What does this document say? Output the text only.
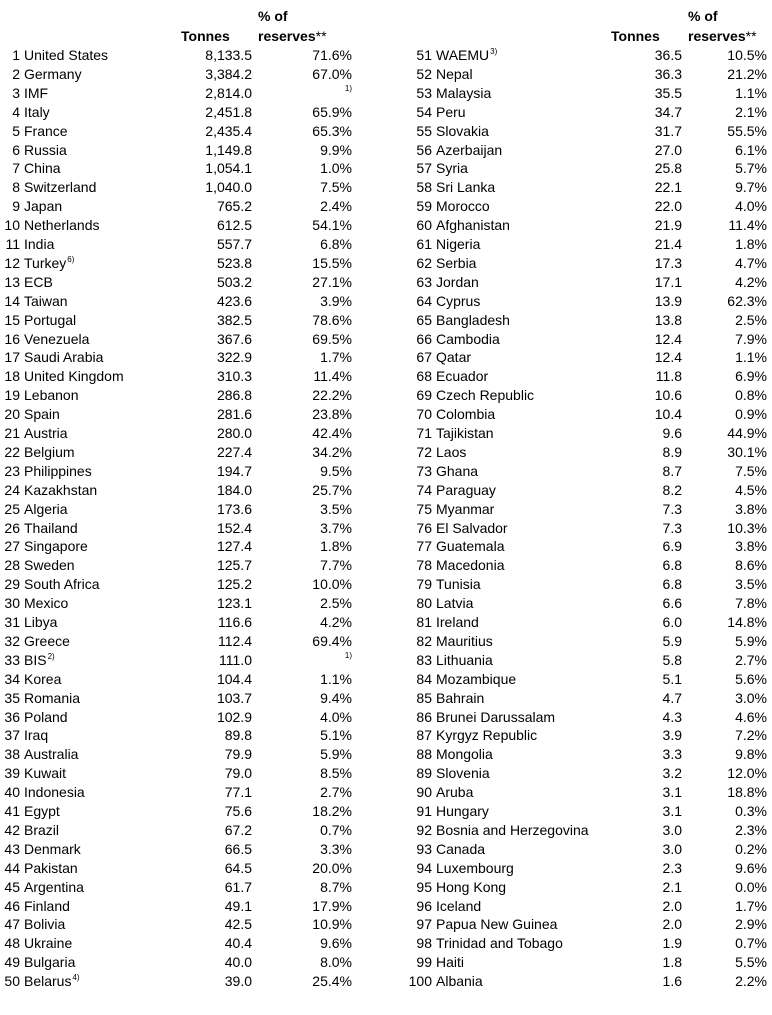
Tonnes
% of
reserves**	Tonnes
% of
reserves**
1 United States	8,133.5	71.6%
2 Germany	3,384.2	67.0%
3 IMF	2,814.0	$^{1)}$
4 Italy	2,451.8	65.9%
5 France	2,435.4	65.3%
6 Russia	1,149.8	9.9%
7 China	1,054.1	1.0%
8 Switzerland	1,040.0	7.5%
9 Japan	765.2	2.4%
10 Netherlands	612.5	54.1%
11 India	557.7	6.8%
12 Turkey$^{6)}$	523.8	15.5%
13 ECB	503.2	27.1%
14 Taiwan	423.6	3.9%
15 Portugal	382.5	78.6%
16 Venezuela	367.6	69.5%
17 Saudi Arabia	322.9	1.7%
18 United Kingdom	310.3	11.4%
19 Lebanon	286.8	22.2%
20 Spain	281.6	23.8%
21 Austria	280.0	42.4%
22 Belgium	227.4	34.2%
23 Philippines	194.7	9.5%
24 Kazakhstan	184.0	25.7%
25 Algeria	173.6	3.5%
26 Thailand	152.4	3.7%
27 Singapore	127.4	1.8%
28 Sweden	125.7	7.7%
29 South Africa	125.2	10.0%
30 Mexico	123.1	2.5%
31 Libya	116.6	4.2%
32 Greece	112.4	69.4%
33 BIS$^{2)}$	111.0	$^{1)}$
34 Korea	104.4	1.1%
35 Romania	103.7	9.4%
36 Poland	102.9	4.0%
37 Iraq	89.8	5.1%
38 Australia	79.9	5.9%
39 Kuwait	79.0	8.5%
40 Indonesia	77.1	2.7%
41 Egypt	75.6	18.2%
42 Brazil	67.2	0.7%
43 Denmark	66.5	3.3%
44 Pakistan	64.5	20.0%
45 Argentina	61.7	8.7%
46 Finland	49.1	17.9%
47 Bolivia	42.5	10.9%
48 Ukraine	40.4	9.6%
49 Bulgaria	40.0	8.0%
50 Belarus$^{4)}$	39.0	25.4%
51 WAEMU$^{3)}$	36.5	10.5%
52 Nepal	36.3	21.2%
53 Malaysia	35.5	1.1%
54 Peru	34.7	2.1%
55 Slovakia	31.7	55.5%
56 Azerbaijan	27.0	6.1%
57 Syria	25.8	5.7%
58 Sri Lanka	22.1	9.7%
59 Morocco	22.0	4.0%
60 Afghanistan	21.9	11.4%
61 Nigeria	21.4	1.8%
62 Serbia	17.3	4.7%
63 Jordan	17.1	4.2%
64 Cyprus	13.9	62.3%
65 Bangladesh	13.8	2.5%
66 Cambodia	12.4	7.9%
67 Qatar	12.4	1.1%
68 Ecuador	11.8	6.9%
69 Czech Republic	10.6	0.8%
70 Colombia	10.4	0.9%
71 Tajikistan	9.6	44.9%
72 Laos	8.9	30.1%
73 Ghana	8.7	7.5%
74 Paraguay	8.2	4.5%
75 Myanmar	7.3	3.8%
76 El Salvador	7.3	10.3%
77 Guatemala	6.9	3.8%
78 Macedonia	6.8	8.6%
79 Tunisia	6.8	3.5%
80 Latvia	6.6	7.8%
81 Ireland	6.0	14.8%
82 Mauritius	5.9	5.9%
83 Lithuania	5.8	2.7%
84 Mozambique	5.1	5.6%
85 Bahrain	4.7	3.0%
86 Brunei Darussalam	4.3	4.6%
87 Kyrgyz Republic	3.9	7.2%
88 Mongolia	3.3	9.8%
89 Slovenia	3.2	12.0%
90 Aruba	3.1	18.8%
91 Hungary	3.1	0.3%
92 Bosnia and Herzegovina	3.0	2.3%
93 Canada	3.0	0.2%
94 Luxembourg	2.3	9.6%
95 Hong Kong	2.1	0.0%
96 Iceland	2.0	1.7%
97 Papua New Guinea	2.0	2.9%
98 Trinidad and Tobago	1.9	0.7%
99 Haiti	1.8	5.5%
100 Albania	1.6	2.2%
